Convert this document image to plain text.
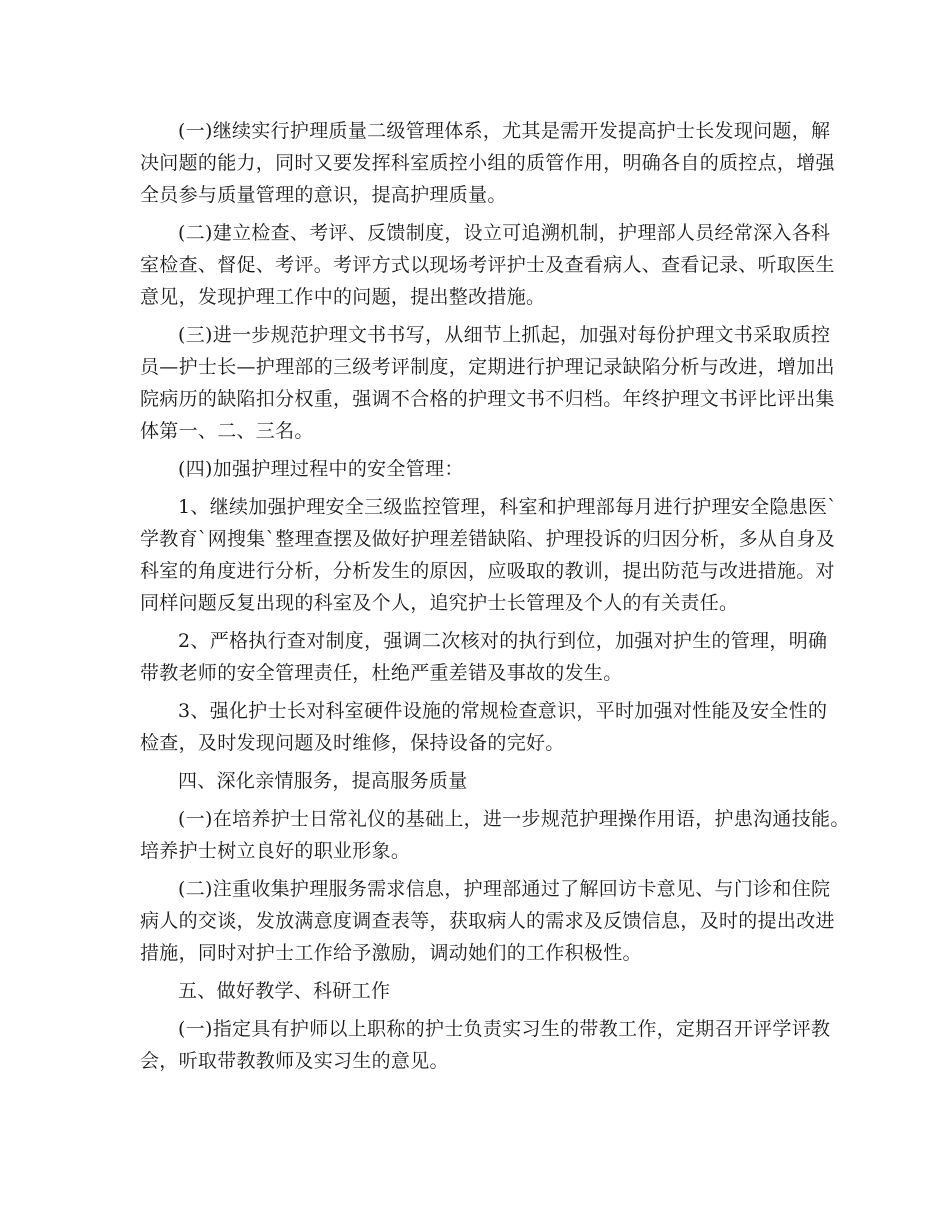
(一)继续实行护理质量二级管理体系，尤其是需开发提高护士长发现问题，解

决问题的能力，同时又要发挥科室质控小组的质管作用，明确各自的质控点，增强

全员参与质量管理的意识，提高护理质量。

(二)建立检查、考评、反馈制度，设立可追溯机制，护理部人员经常深入各科

室检查、督促、考评。考评方式以现场考评护士及查看病人、查看记录、听取医生

意见，发现护理工作中的问题，提出整改措施。

(三)进一步规范护理文书书写，从细节上抓起，加强对每份护理文书采取质控

员—护士长—护理部的三级考评制度，定期进行护理记录缺陷分析与改进，增加出

院病历的缺陷扣分权重，强调不合格的护理文书不归档。年终护理文书评比评出集

体第一、二、三名。

(四)加强护理过程中的安全管理：

1、继续加强护理安全三级监控管理，科室和护理部每月进行护理安全隐患医`

学教育`网搜集`整理查摆及做好护理差错缺陷、护理投诉的归因分析，多从自身及

科室的角度进行分析，分析发生的原因，应吸取的教训，提出防范与改进措施。对

同样问题反复出现的科室及个人，追究护士长管理及个人的有关责任。

2、严格执行查对制度，强调二次核对的执行到位，加强对护生的管理，明确

带教老师的安全管理责任，杜绝严重差错及事故的发生。

3、强化护士长对科室硬件设施的常规检查意识，平时加强对性能及安全性的

检查，及时发现问题及时维修，保持设备的完好。

四、深化亲情服务，提高服务质量

(一)在培养护士日常礼仪的基础上，进一步规范护理操作用语，护患沟通技能。

培养护士树立良好的职业形象。

(二)注重收集护理服务需求信息，护理部通过了解回访卡意见、与门诊和住院

病人的交谈，发放满意度调查表等，获取病人的需求及反馈信息，及时的提出改进

措施，同时对护士工作给予激励，调动她们的工作积极性。

五、做好教学、科研工作

(一)指定具有护师以上职称的护士负责实习生的带教工作，定期召开评学评教

会，听取带教教师及实习生的意见。
